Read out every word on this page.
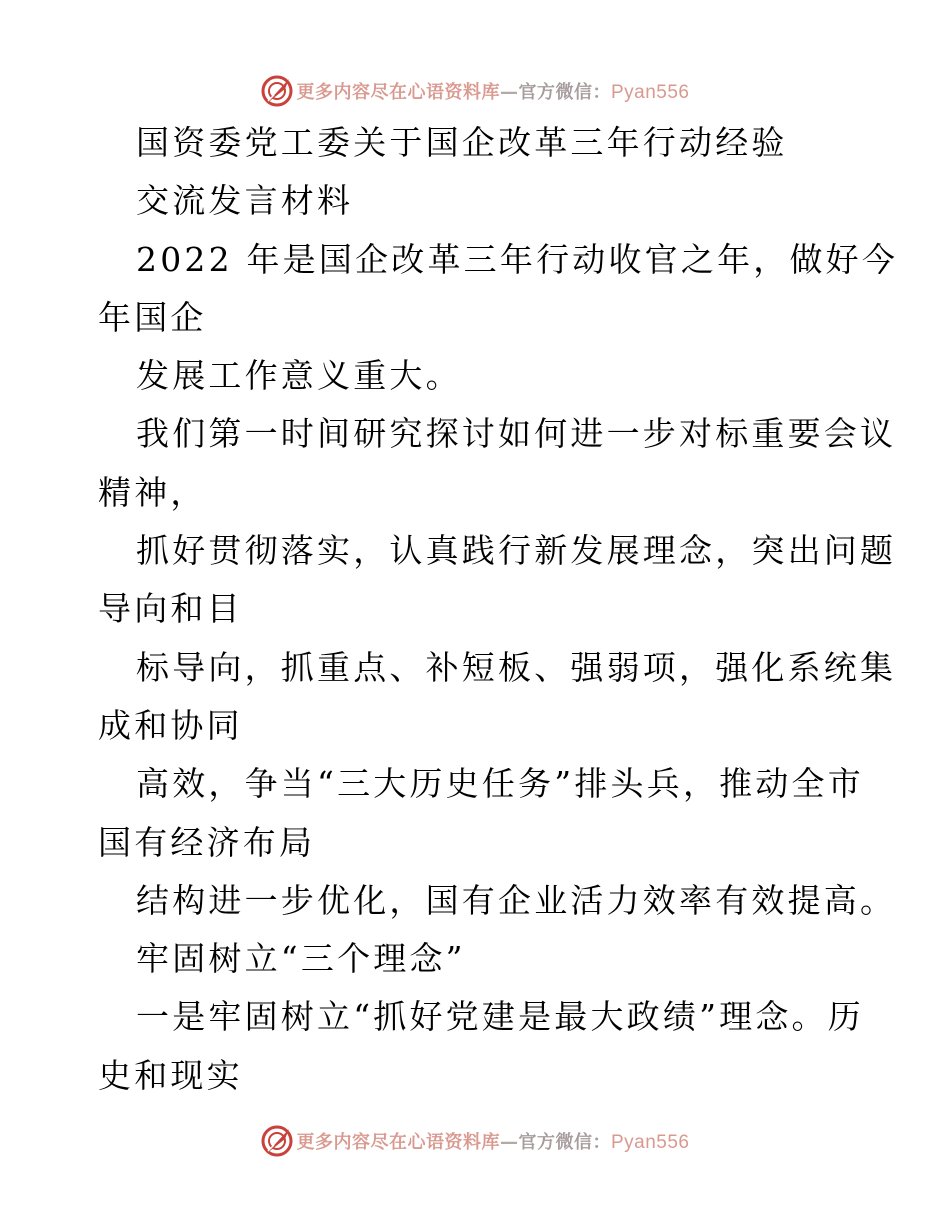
更多内容尽在心语资料库—官方微信：Pyan556
国资委党工委关于国企改革三年行动经验
交流发言材料
2022 年是国企改革三年行动收官之年，做好今
年国企
发展工作意义重大。
我们第一时间研究探讨如何进一步对标重要会议
精神，
抓好贯彻落实，认真践行新发展理念，突出问题
导向和目
标导向，抓重点、补短板、强弱项，强化系统集
成和协同
高效，争当“三大历史任务”排头兵，推动全市
国有经济布局
结构进一步优化，国有企业活力效率有效提高。
牢固树立“三个理念”
一是牢固树立“抓好党建是最大政绩”理念。历
史和现实
更多内容尽在心语资料库—官方微信：Pyan556
